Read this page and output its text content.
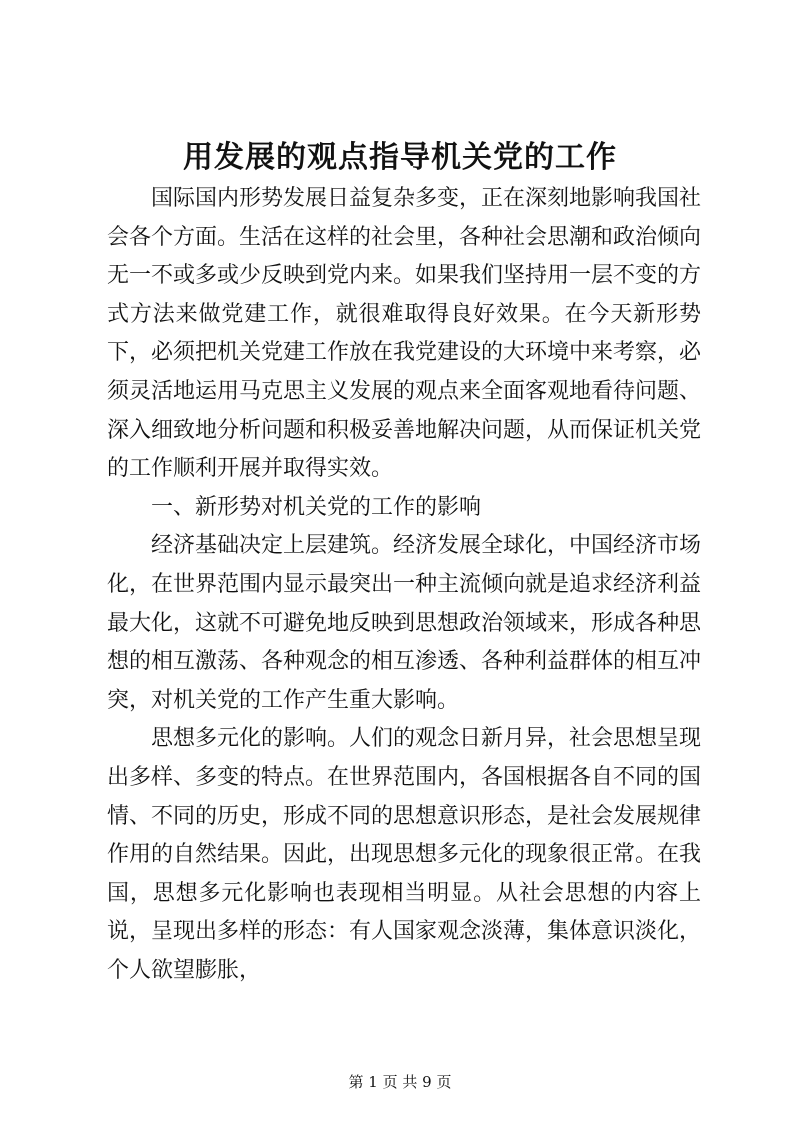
用发展的观点指导机关党的工作

国际国内形势发展日益复杂多变，正在深刻地影响我国社会各个方面。生活在这样的社会里，各种社会思潮和政治倾向无一不或多或少反映到党内来。如果我们坚持用一层不变的方式方法来做党建工作，就很难取得良好效果。在今天新形势下，必须把机关党建工作放在我党建设的大环境中来考察，必须灵活地运用马克思主义发展的观点来全面客观地看待问题、深入细致地分析问题和积极妥善地解决问题，从而保证机关党的工作顺利开展并取得实效。

一、新形势对机关党的工作的影响

经济基础决定上层建筑。经济发展全球化，中国经济市场化，在世界范围内显示最突出一种主流倾向就是追求经济利益最大化，这就不可避免地反映到思想政治领域来，形成各种思想的相互激荡、各种观念的相互渗透、各种利益群体的相互冲突，对机关党的工作产生重大影响。

思想多元化的影响。人们的观念日新月异，社会思想呈现出多样、多变的特点。在世界范围内，各国根据各自不同的国情、不同的历史，形成不同的思想意识形态，是社会发展规律作用的自然结果。因此，出现思想多元化的现象很正常。在我国，思想多元化影响也表现相当明显。从社会思想的内容上说，呈现出多样的形态：有人国家观念淡薄，集体意识淡化，个人欲望膨胀，

第 1 页 共 9 页
